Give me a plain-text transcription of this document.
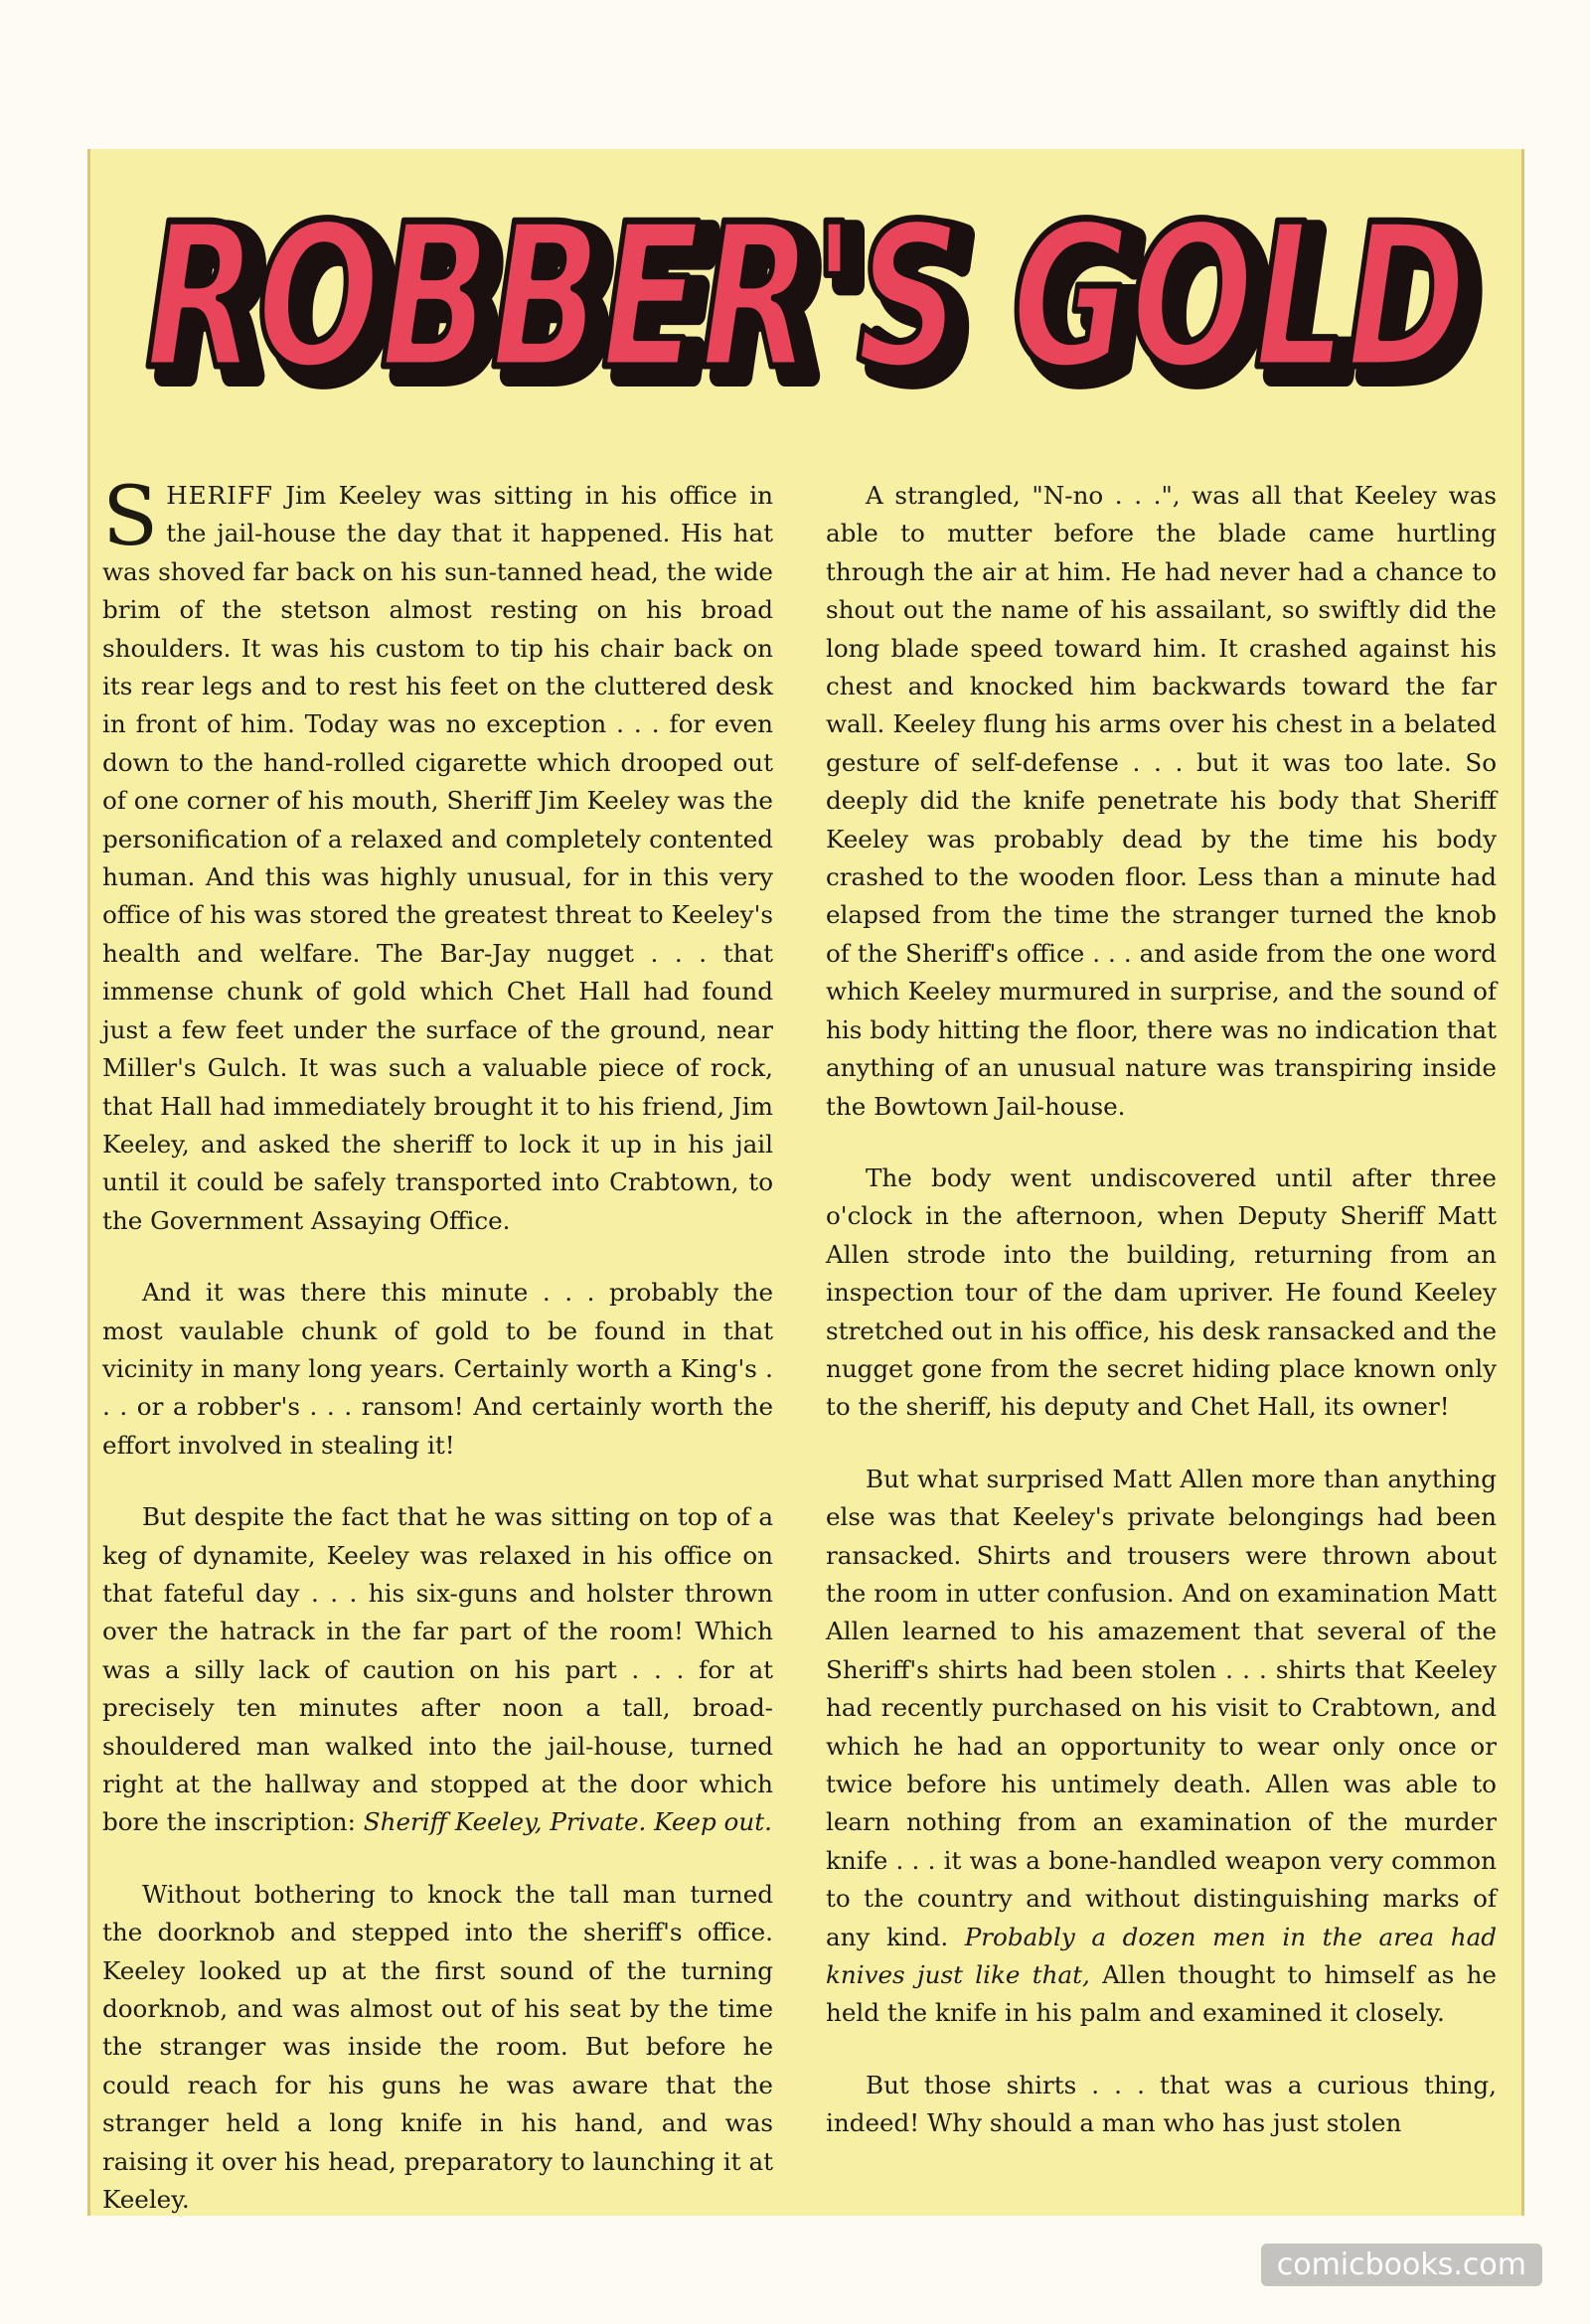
ROBBER'S GOLD
ROBBER'S GOLD

SHERIFF Jim Keeley was sitting in his office in the jail-house the day that it happened. His hat was shoved far back on his sun-tanned head, the wide brim of the stetson almost resting on his broad shoulders. It was his custom to tip his chair back on its rear legs and to rest his feet on the cluttered desk in front of him. Today was no exception . . . for even down to the hand-rolled cigarette which drooped out of one corner of his mouth, Sheriff Jim Keeley was the personification of a relaxed and completely contented human. And this was highly unusual, for in this very office of his was stored the greatest threat to Keeley's health and welfare. The Bar-Jay nugget . . . that immense chunk of gold which Chet Hall had found just a few feet under the surface of the ground, near Miller's Gulch. It was such a valuable piece of rock, that Hall had immediately brought it to his friend, Jim Keeley, and asked the sheriff to lock it up in his jail until it could be safely transported into Crabtown, to the Government Assaying Office.

And it was there this minute . . . probably the most vaulable chunk of gold to be found in that vicinity in many long years. Certainly worth a King's . . . or a robber's . . . ransom! And certainly worth the effort involved in stealing it!

But despite the fact that he was sitting on top of a keg of dynamite, Keeley was relaxed in his office on that fateful day . . . his six-guns and holster thrown over the hatrack in the far part of the room! Which was a silly lack of caution on his part . . . for at precisely ten minutes after noon a tall, broad-shouldered man walked into the jail-house, turned right at the hallway and stopped at the door which bore the inscription: Sheriff Keeley, Private. Keep out.

Without bothering to knock the tall man turned the doorknob and stepped into the sheriff's office. Keeley looked up at the first sound of the turning doorknob, and was almost out of his seat by the time the stranger was inside the room. But before he could reach for his guns he was aware that the stranger held a long knife in his hand, and was raising it over his head, preparatory to launching it at Keeley.

A strangled, "N-no . . .", was all that Keeley was able to mutter before the blade came hurtling through the air at him. He had never had a chance to shout out the name of his assailant, so swiftly did the long blade speed toward him. It crashed against his chest and knocked him backwards toward the far wall. Keeley flung his arms over his chest in a belated gesture of self-defense . . . but it was too late. So deeply did the knife penetrate his body that Sheriff Keeley was probably dead by the time his body crashed to the wooden floor. Less than a minute had elapsed from the time the stranger turned the knob of the Sheriff's office . . . and aside from the one word which Keeley murmured in surprise, and the sound of his body hitting the floor, there was no indication that anything of an unusual nature was transpiring inside the Bowtown Jail-house.

The body went undiscovered until after three o'clock in the afternoon, when Deputy Sheriff Matt Allen strode into the building, returning from an inspection tour of the dam upriver. He found Keeley stretched out in his office, his desk ransacked and the nugget gone from the secret hiding place known only to the sheriff, his deputy and Chet Hall, its owner!

But what surprised Matt Allen more than anything else was that Keeley's private belongings had been ransacked. Shirts and trousers were thrown about the room in utter confusion. And on examination Matt Allen learned to his amazement that several of the Sheriff's shirts had been stolen . . . shirts that Keeley had recently purchased on his visit to Crabtown, and which he had an opportunity to wear only once or twice before his untimely death. Allen was able to learn nothing from an examination of the murder knife . . . it was a bone-handled weapon very common to the country and without distinguishing marks of any kind. Probably a dozen men in the area had knives just like that, Allen thought to himself as he held the knife in his palm and examined it closely.

But those shirts . . . that was a curious thing, indeed! Why should a man who has just stolen

comicbooks.com
